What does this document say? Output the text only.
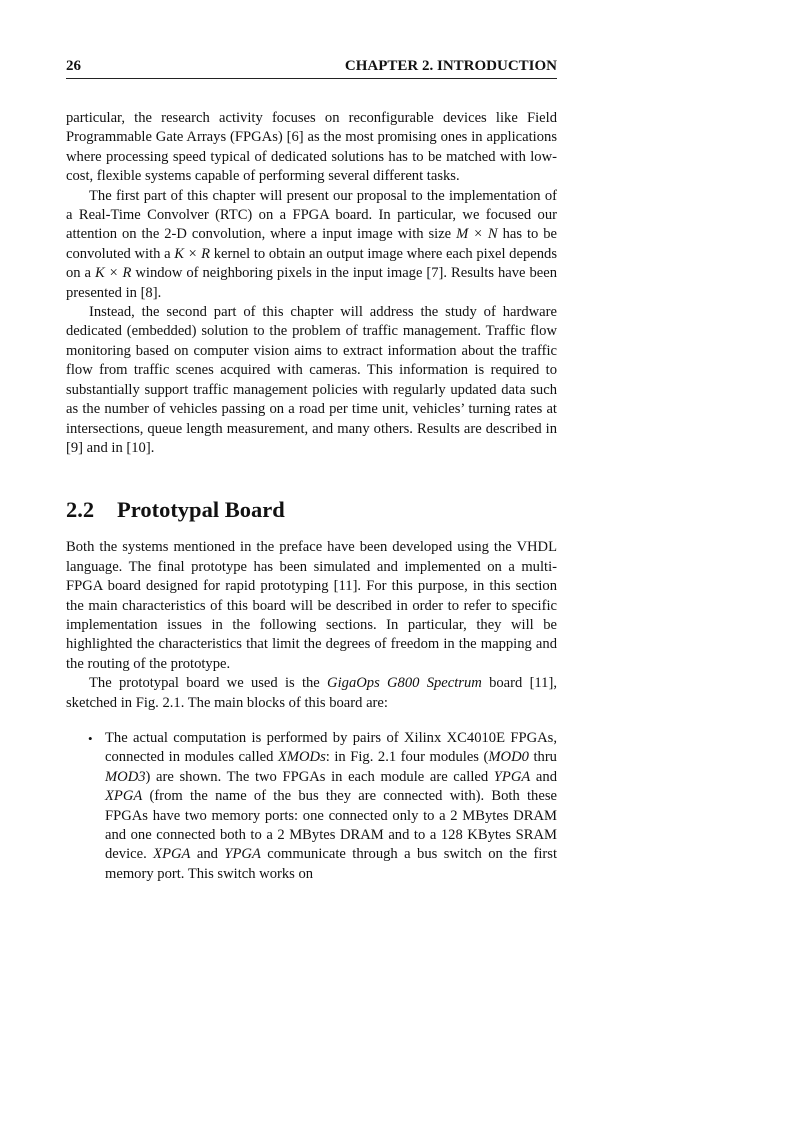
26	CHAPTER 2. INTRODUCTION

particular, the research activity focuses on reconfigurable devices like Field Programmable Gate Arrays (FPGAs) [6] as the most promising ones in applications where processing speed typical of dedicated solutions has to be matched with low-cost, flexible systems capable of performing several different tasks.

The first part of this chapter will present our proposal to the implementation of a Real-Time Convolver (RTC) on a FPGA board. In particular, we focused our attention on the 2-D convolution, where a input image with size M × N has to be convoluted with a K × R kernel to obtain an output image where each pixel depends on a K × R window of neighboring pixels in the input image [7]. Results have been presented in [8].

Instead, the second part of this chapter will address the study of hardware dedicated (embedded) solution to the problem of traffic management. Traffic flow monitoring based on computer vision aims to extract information about the traffic flow from traffic scenes acquired with cameras. This information is required to substantially support traffic management policies with regularly updated data such as the number of vehicles passing on a road per time unit, vehicles’ turning rates at intersections, queue length measurement, and many others. Results are described in [9] and in [10].

2.2	Prototypal Board

Both the systems mentioned in the preface have been developed using the VHDL language. The final prototype has been simulated and implemented on a multi-FPGA board designed for rapid prototyping [11]. For this purpose, in this section the main characteristics of this board will be described in order to refer to specific implementation issues in the following sections. In particular, they will be highlighted the characteristics that limit the degrees of freedom in the mapping and the routing of the prototype.

The prototypal board we used is the GigaOps G800 Spectrum board [11], sketched in Fig. 2.1. The main blocks of this board are:

• The actual computation is performed by pairs of Xilinx XC4010E FPGAs, connected in modules called XMODs: in Fig. 2.1 four modules (MOD0 thru MOD3) are shown. The two FPGAs in each module are called YPGA and XPGA (from the name of the bus they are connected with). Both these FPGAs have two memory ports: one connected only to a 2 MBytes DRAM and one connected both to a 2 MBytes DRAM and to a 128 KBytes SRAM device. XPGA and YPGA communicate through a bus switch on the first memory port. This switch works on
